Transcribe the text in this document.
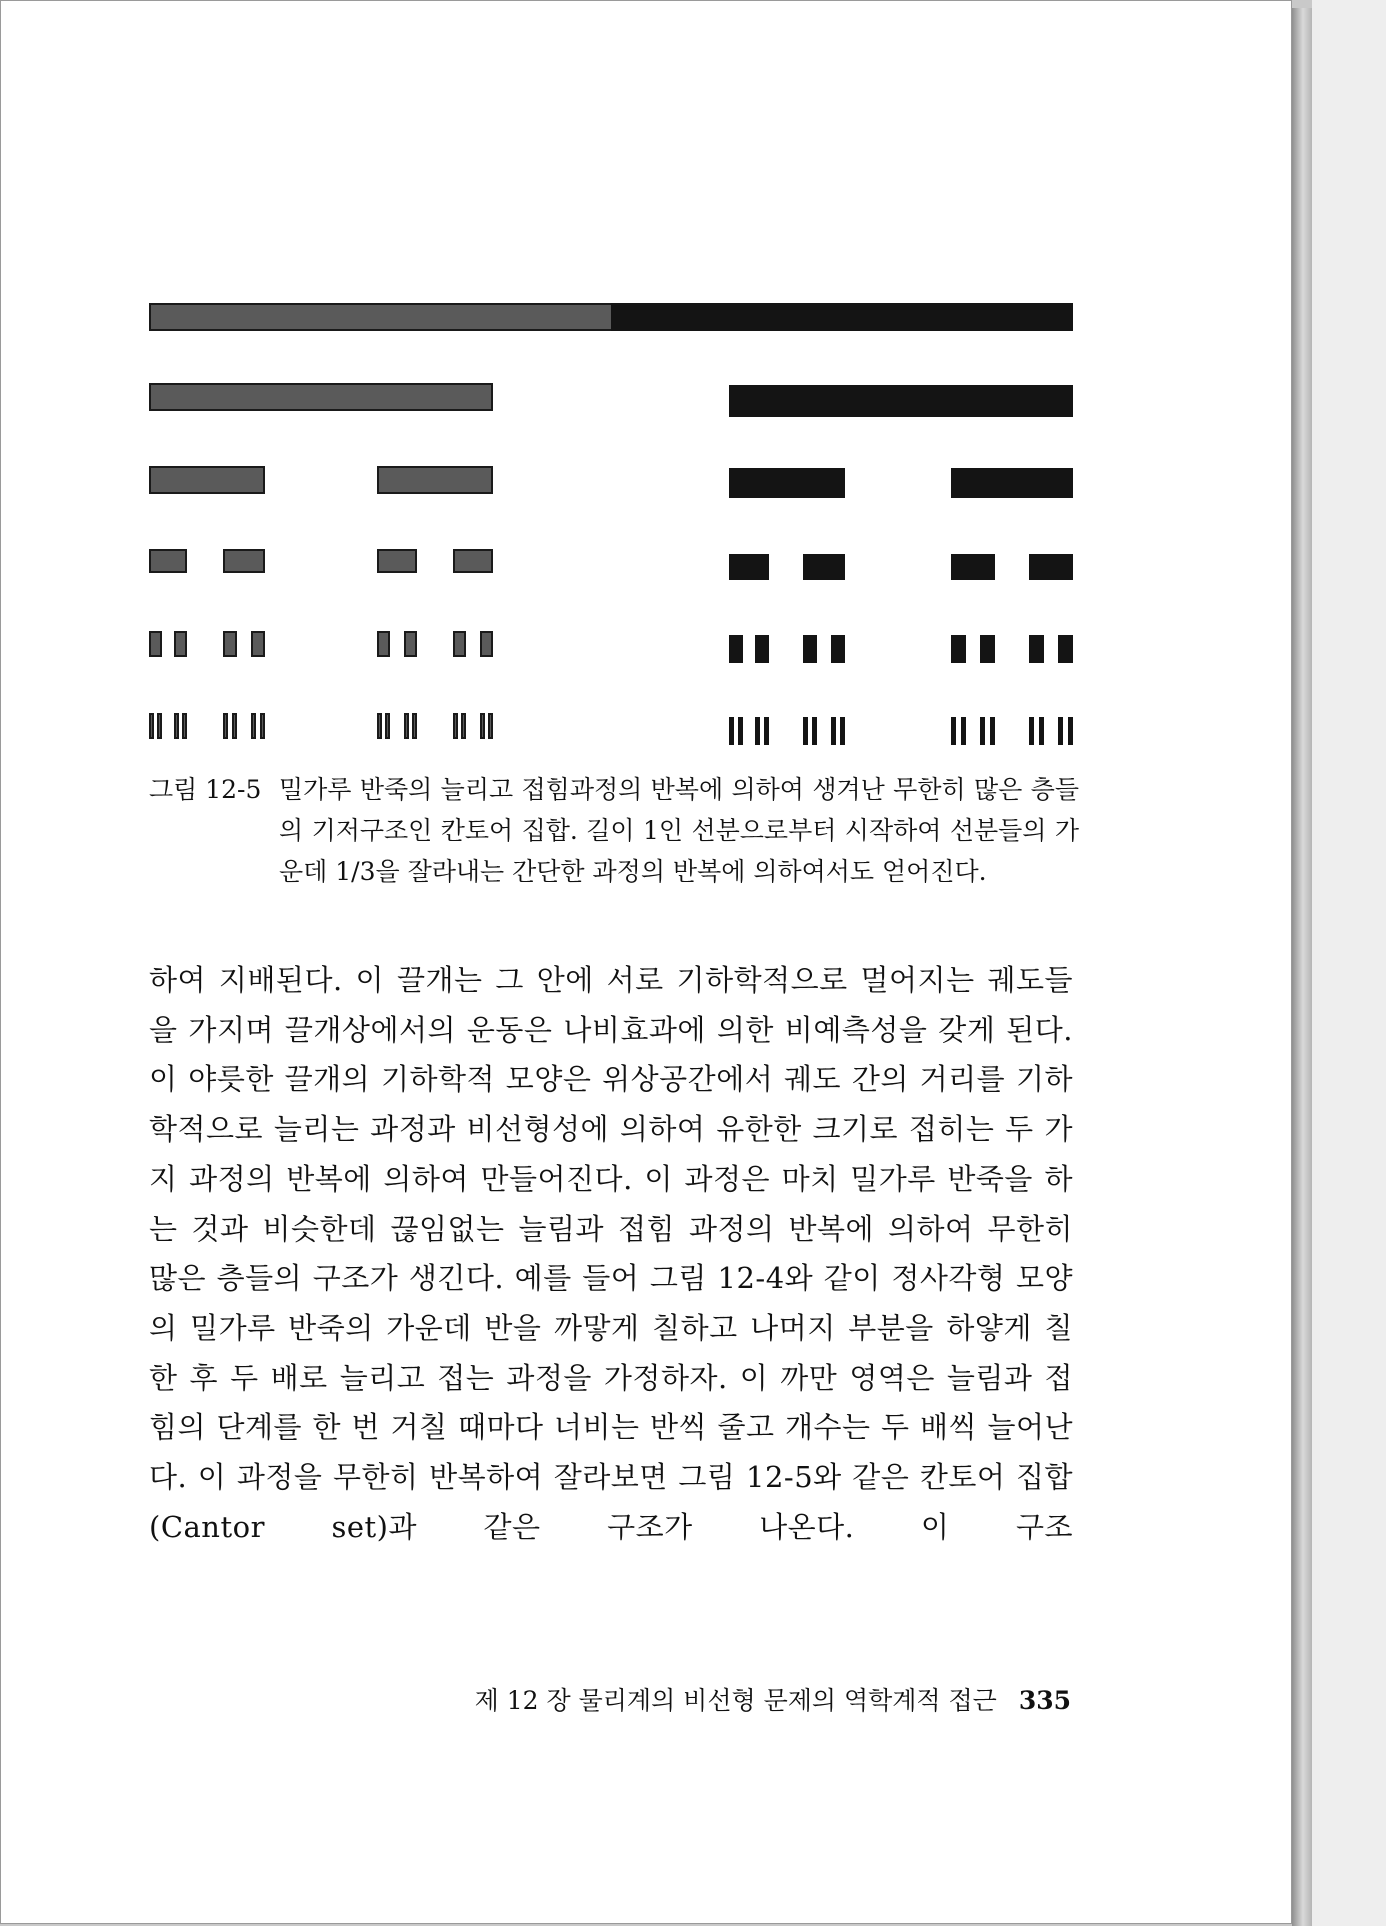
그림 12-5 밀가루 반죽의 늘리고 접힘과정의 반복에 의하여 생겨난 무한히 많은 층들의 기저구조인 칸토어 집합. 길이 1인 선분으로부터 시작하여 선분들의 가운데 1/3을 잘라내는 간단한 과정의 반복에 의하여서도 얻어진다.
하여 지배된다. 이 끌개는 그 안에 서로 기하학적으로 멀어지는 궤도들을 가지며 끌개상에서의 운동은 나비효과에 의한 비예측성을 갖게 된다. 이 야릇한 끌개의 기하학적 모양은 위상공간에서 궤도 간의 거리를 기하학적으로 늘리는 과정과 비선형성에 의하여 유한한 크기로 접히는 두 가지 과정의 반복에 의하여 만들어진다. 이 과정은 마치 밀가루 반죽을 하는 것과 비슷한데 끊임없는 늘림과 접힘 과정의 반복에 의하여 무한히 많은 층들의 구조가 생긴다. 예를 들어 그림 12-4와 같이 정사각형 모양의 밀가루 반죽의 가운데 반을 까맣게 칠하고 나머지 부분을 하얗게 칠한 후 두 배로 늘리고 접는 과정을 가정하자. 이 까만 영역은 늘림과 접힘의 단계를 한 번 거칠 때마다 너비는 반씩 줄고 개수는 두 배씩 늘어난다. 이 과정을 무한히 반복하여 잘라보면 그림 12-5와 같은 칸토어 집합(Cantor set)과 같은 구조가 나온다. 이 구조
제 12 장 물리계의 비선형 문제의 역학계적 접근 335
